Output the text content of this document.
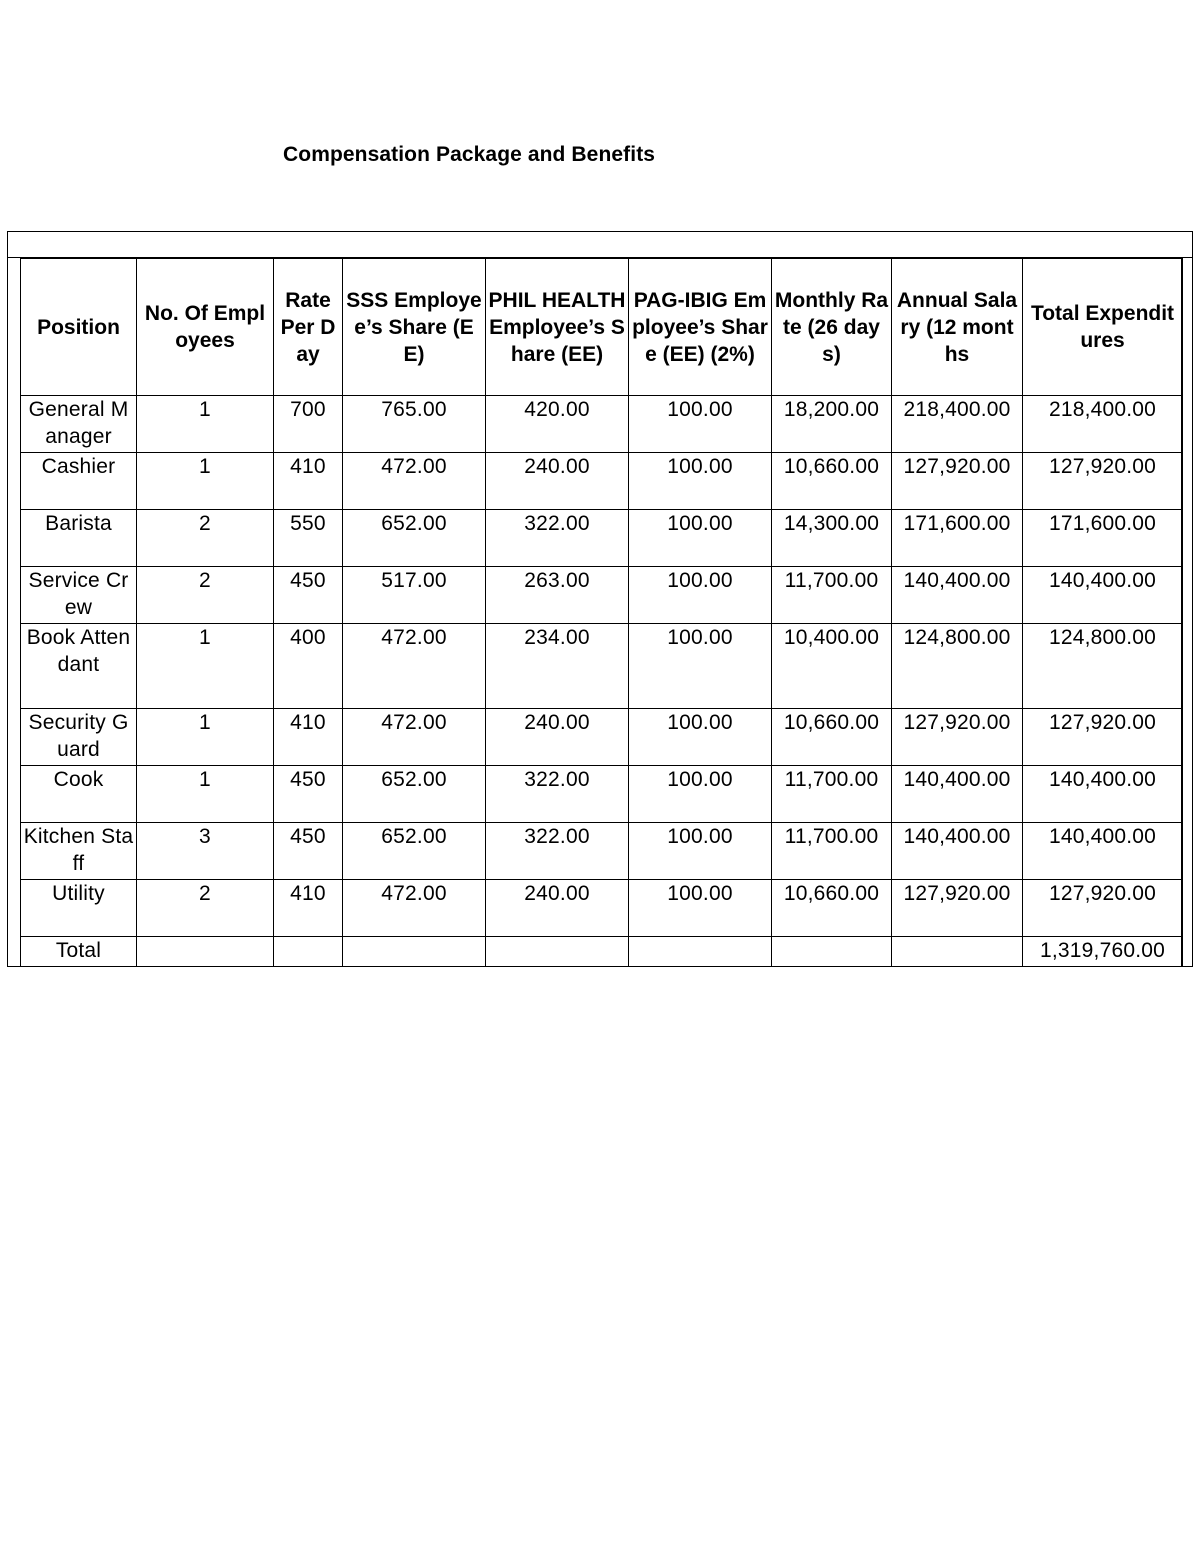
Compensation Package and Benefits
Position	No. Of Employees	Rate Per Day	SSS Employee’s Share (EE)	PHIL HEALTH Employee’s Share (EE)	PAG-IBIG Employee’s Share (EE) (2%)	Monthly Rate (26 days)	Annual Salary (12 months	Total Expenditures
General Manager	1	700	765.00	420.00	100.00	18,200.00	218,400.00	218,400.00
Cashier	1	410	472.00	240.00	100.00	10,660.00	127,920.00	127,920.00
Barista	2	550	652.00	322.00	100.00	14,300.00	171,600.00	171,600.00
Service Crew	2	450	517.00	263.00	100.00	11,700.00	140,400.00	140,400.00
Book Attendant	1	400	472.00	234.00	100.00	10,400.00	124,800.00	124,800.00
Security Guard	1	410	472.00	240.00	100.00	10,660.00	127,920.00	127,920.00
Cook	1	450	652.00	322.00	100.00	11,700.00	140,400.00	140,400.00
Kitchen Staff	3	450	652.00	322.00	100.00	11,700.00	140,400.00	140,400.00
Utility	2	410	472.00	240.00	100.00	10,660.00	127,920.00	127,920.00
Total								1,319,760.00
